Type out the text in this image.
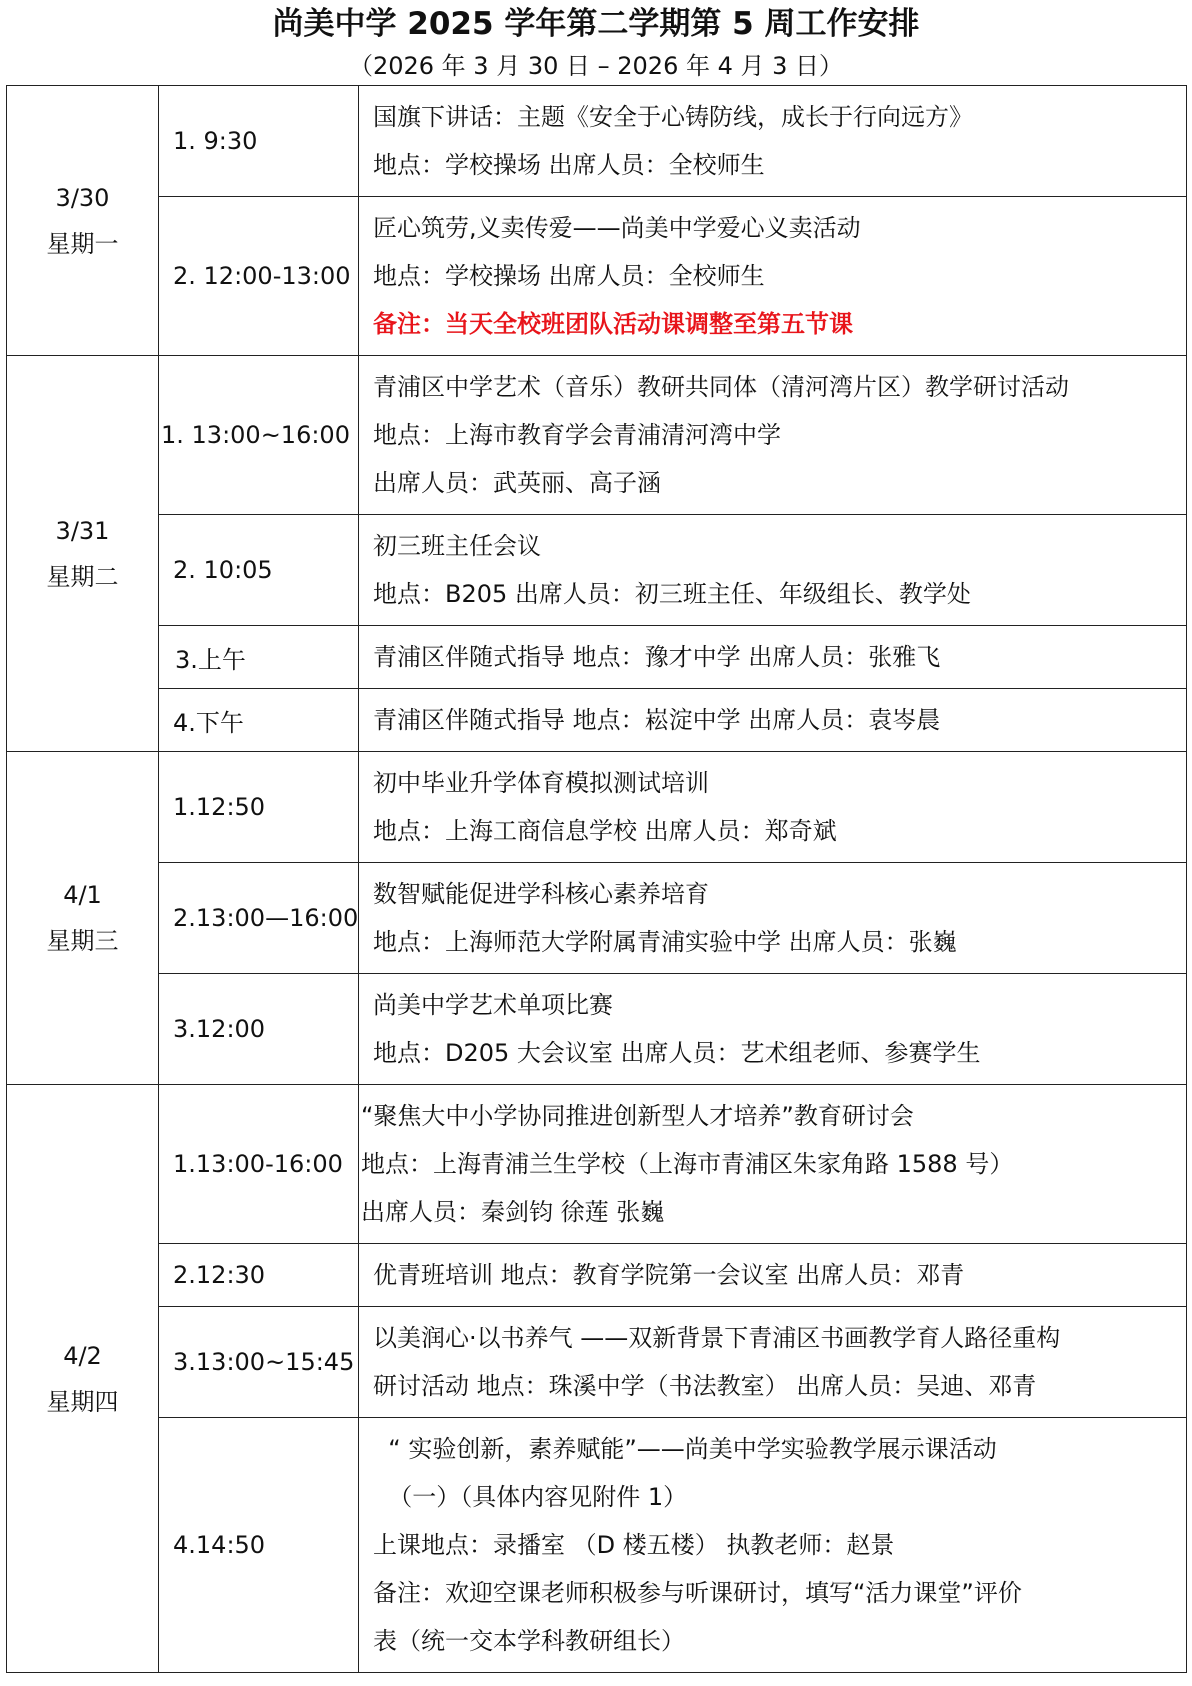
尚美中学 2025 学年第二学期第 5 周工作安排
（2026 年 3 月 30 日 – 2026 年 4 月 3 日）
3/30
星期一	1. 9:30	国旗下讲话：主题《安全于心铸防线，成长于行向远方》
地点：学校操场 出席人员：全校师生

	2. 12:00-13:00	匠心筑劳,义卖传爱——尚美中学爱心义卖活动
地点：学校操场 出席人员：全校师生
备注：当天全校班团队活动课调整至第五节课

3/31
星期二	1. 13:00~16:00	青浦区中学艺术（音乐）教研共同体（清河湾片区）教学研讨活动
地点：上海市教育学会青浦清河湾中学
出席人员：武英丽、高子涵

	2. 10:05	初三班主任会议
地点：B205 出席人员：初三班主任、年级组长、教学处

	3.上午	青浦区伴随式指导 地点：豫才中学 出席人员：张雅飞

	4.下午	青浦区伴随式指导 地点：崧淀中学 出席人员：袁岑晨

4/1
星期三	1.12:50	初中毕业升学体育模拟测试培训
地点：上海工商信息学校 出席人员：郑奇斌

	2.13:00—16:00	数智赋能促进学科核心素养培育
地点：上海师范大学附属青浦实验中学 出席人员：张巍

	3.12:00	尚美中学艺术单项比赛
地点：D205 大会议室 出席人员：艺术组老师、参赛学生

4/2
星期四	1.13:00-16:00	“聚焦大中小学协同推进创新型人才培养”教育研讨会
地点：上海青浦兰生学校（上海市青浦区朱家角路 1588 号）
出席人员：秦剑钧 徐莲 张巍

	2.12:30	优青班培训 地点：教育学院第一会议室 出席人员：邓青

	3.13:00~15:45	以美润心·以书养气 ——双新背景下青浦区书画教学育人路径重构
研讨活动 地点：珠溪中学（书法教室） 出席人员：吴迪、邓青

	4.14:50	“ 实验创新，素养赋能”——尚美中学实验教学展示课活动
（一）（具体内容见附件 1）
上课地点：录播室 （D 楼五楼） 执教老师：赵景
备注：欢迎空课老师积极参与听课研讨，填写“活力课堂”评价
表（统一交本学科教研组长）
